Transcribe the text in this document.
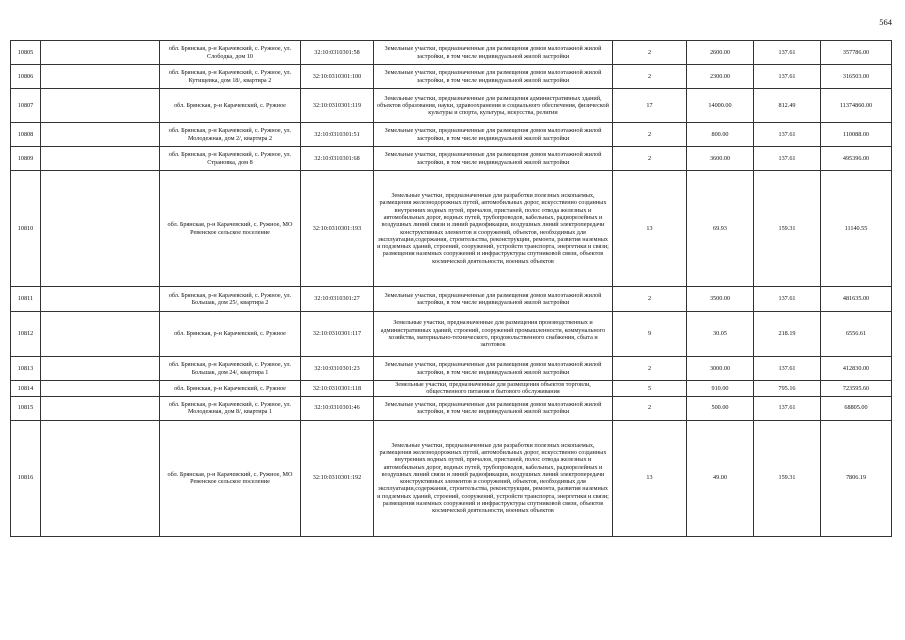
564
10805		обл. Брянская, р-н Карачевский, с. Ружное, ул. Слободка, дом 10	32:10:0310301:58	Земельные участки, предназначенные для размещения домов малоэтажной жилой застройки, в том числе индивидуальной жилой застройки	2	2600.00	137.61	357786.00
10806		обл. Брянская, р-н Карачевский, с. Ружное, ул. Кутищевка, дом 18/, квартира 2	32:10:0310301:100	Земельные участки, предназначенные для размещения домов малоэтажной жилой застройки, в том числе индивидуальной жилой застройки	2	2300.00	137.61	316503.00
10807		обл. Брянская, р-н Карачевский, с. Ружное	32:10:0310301:119	Земельные участки, предназначенные для размещения административных зданий, объектов образования, науки, здравоохранения и социального обеспечения, физической культуры и спорта, культуры, искусства, религии	17	14000.00	812.49	11374860.00
10808		обл. Брянская, р-н Карачевский, с. Ружное, ул. Молодежная, дом 2/, квартира 2	32:10:0310301:51	Земельные участки, предназначенные для размещения домов малоэтажной жилой застройки, в том числе индивидуальной жилой застройки	2	800.00	137.61	110088.00
10809		обл. Брянская, р-н Карачевский, с. Ружное, ул. Страновка, дом 8	32:10:0310301:68	Земельные участки, предназначенные для размещения домов малоэтажной жилой застройки, в том числе индивидуальной жилой застройки	2	3600.00	137.61	495396.00
10810		обл. Брянская, р-н Карачевский, с. Ружное, МО Ревенское сельское поселение	32:10:0310301:193	Земельные участки, предназначенные для разработки полезных ископаемых, размещения железнодорожных путей, автомобильных дорог, искусственно созданных внутренних водных путей, причалов, пристаней, полос отвода железных и автомобильных дорог, водных путей, трубопроводов, кабельных, радиорелейных и воздушных линий связи и линий радиофикации, воздушных линий электропередачи конструктивных элементов и сооружений, объектов, необходимых для эксплуатации,содержания, строительства, реконструкции, ремонта, развития наземных и подземных зданий, строений, сооружений, устройств транспорта, энергетики и связи; размещения наземных сооружений и инфраструктуры спутниковой связи, объектов космической деятельности, военных объектов	13	69.93	159.31	11140.55
10811		обл. Брянская, р-н Карачевский, с. Ружное, ул. Большак, дом 25/, квартира 2	32:10:0310301:27	Земельные участки, предназначенные для размещения домов малоэтажной жилой застройки, в том числе индивидуальной жилой застройки	2	3500.00	137.61	481635.00
10812		обл. Брянская, р-н Карачевский, с. Ружное	32:10:0310301:117	Земельные участки, предназначенные для размещения производственных и административных зданий, строений, сооружений промышленности, коммунального хозяйства, материально-технического, продовольственного снабжения, сбыта и заготовок	9	30.05	218.19	6556.61
10813		обл. Брянская, р-н Карачевский, с. Ружное, ул. Большак, дом 24/, квартира 1	32:10:0310301:23	Земельные участки, предназначенные для размещения домов малоэтажной жилой застройки, в том числе индивидуальной жилой застройки	2	3000.00	137.61	412830.00
10814		обл. Брянская, р-н Карачевский, с. Ружное	32:10:0310301:118	Земельные участки, предназначенные для размещения объектов торговли, общественного питания и бытового обслуживания	5	910.00	795.16	723595.60
10815		обл. Брянская, р-н Карачевский, с. Ружное, ул. Молодежная, дом 8/, квартира 1	32:10:0310301:46	Земельные участки, предназначенные для размещения домов малоэтажной жилой застройки, в том числе индивидуальной жилой застройки	2	500.00	137.61	68805.00
10816		обл. Брянская, р-н Карачевский, с. Ружное, МО Ревенское сельское поселение	32:10:0310301:192	Земельные участки, предназначенные для разработки полезных ископаемых, размещения железнодорожных путей, автомобильных дорог, искусственно созданных внутренних водных путей, причалов, пристаней, полос отвода железных и автомобильных дорог, водных путей, трубопроводов, кабельных, радиорелейных и воздушных линий связи и линий радиофикации, воздушных линий электропередачи конструктивных элементов и сооружений, объектов, необходимых для эксплуатации,содержания, строительства, реконструкции, ремонта, развития наземных и подземных зданий, строений, сооружений, устройств транспорта, энергетики и связи; размещения наземных сооружений и инфраструктуры спутниковой связи, объектов космической деятельности, военных объектов	13	49.00	159.31	7806.19
